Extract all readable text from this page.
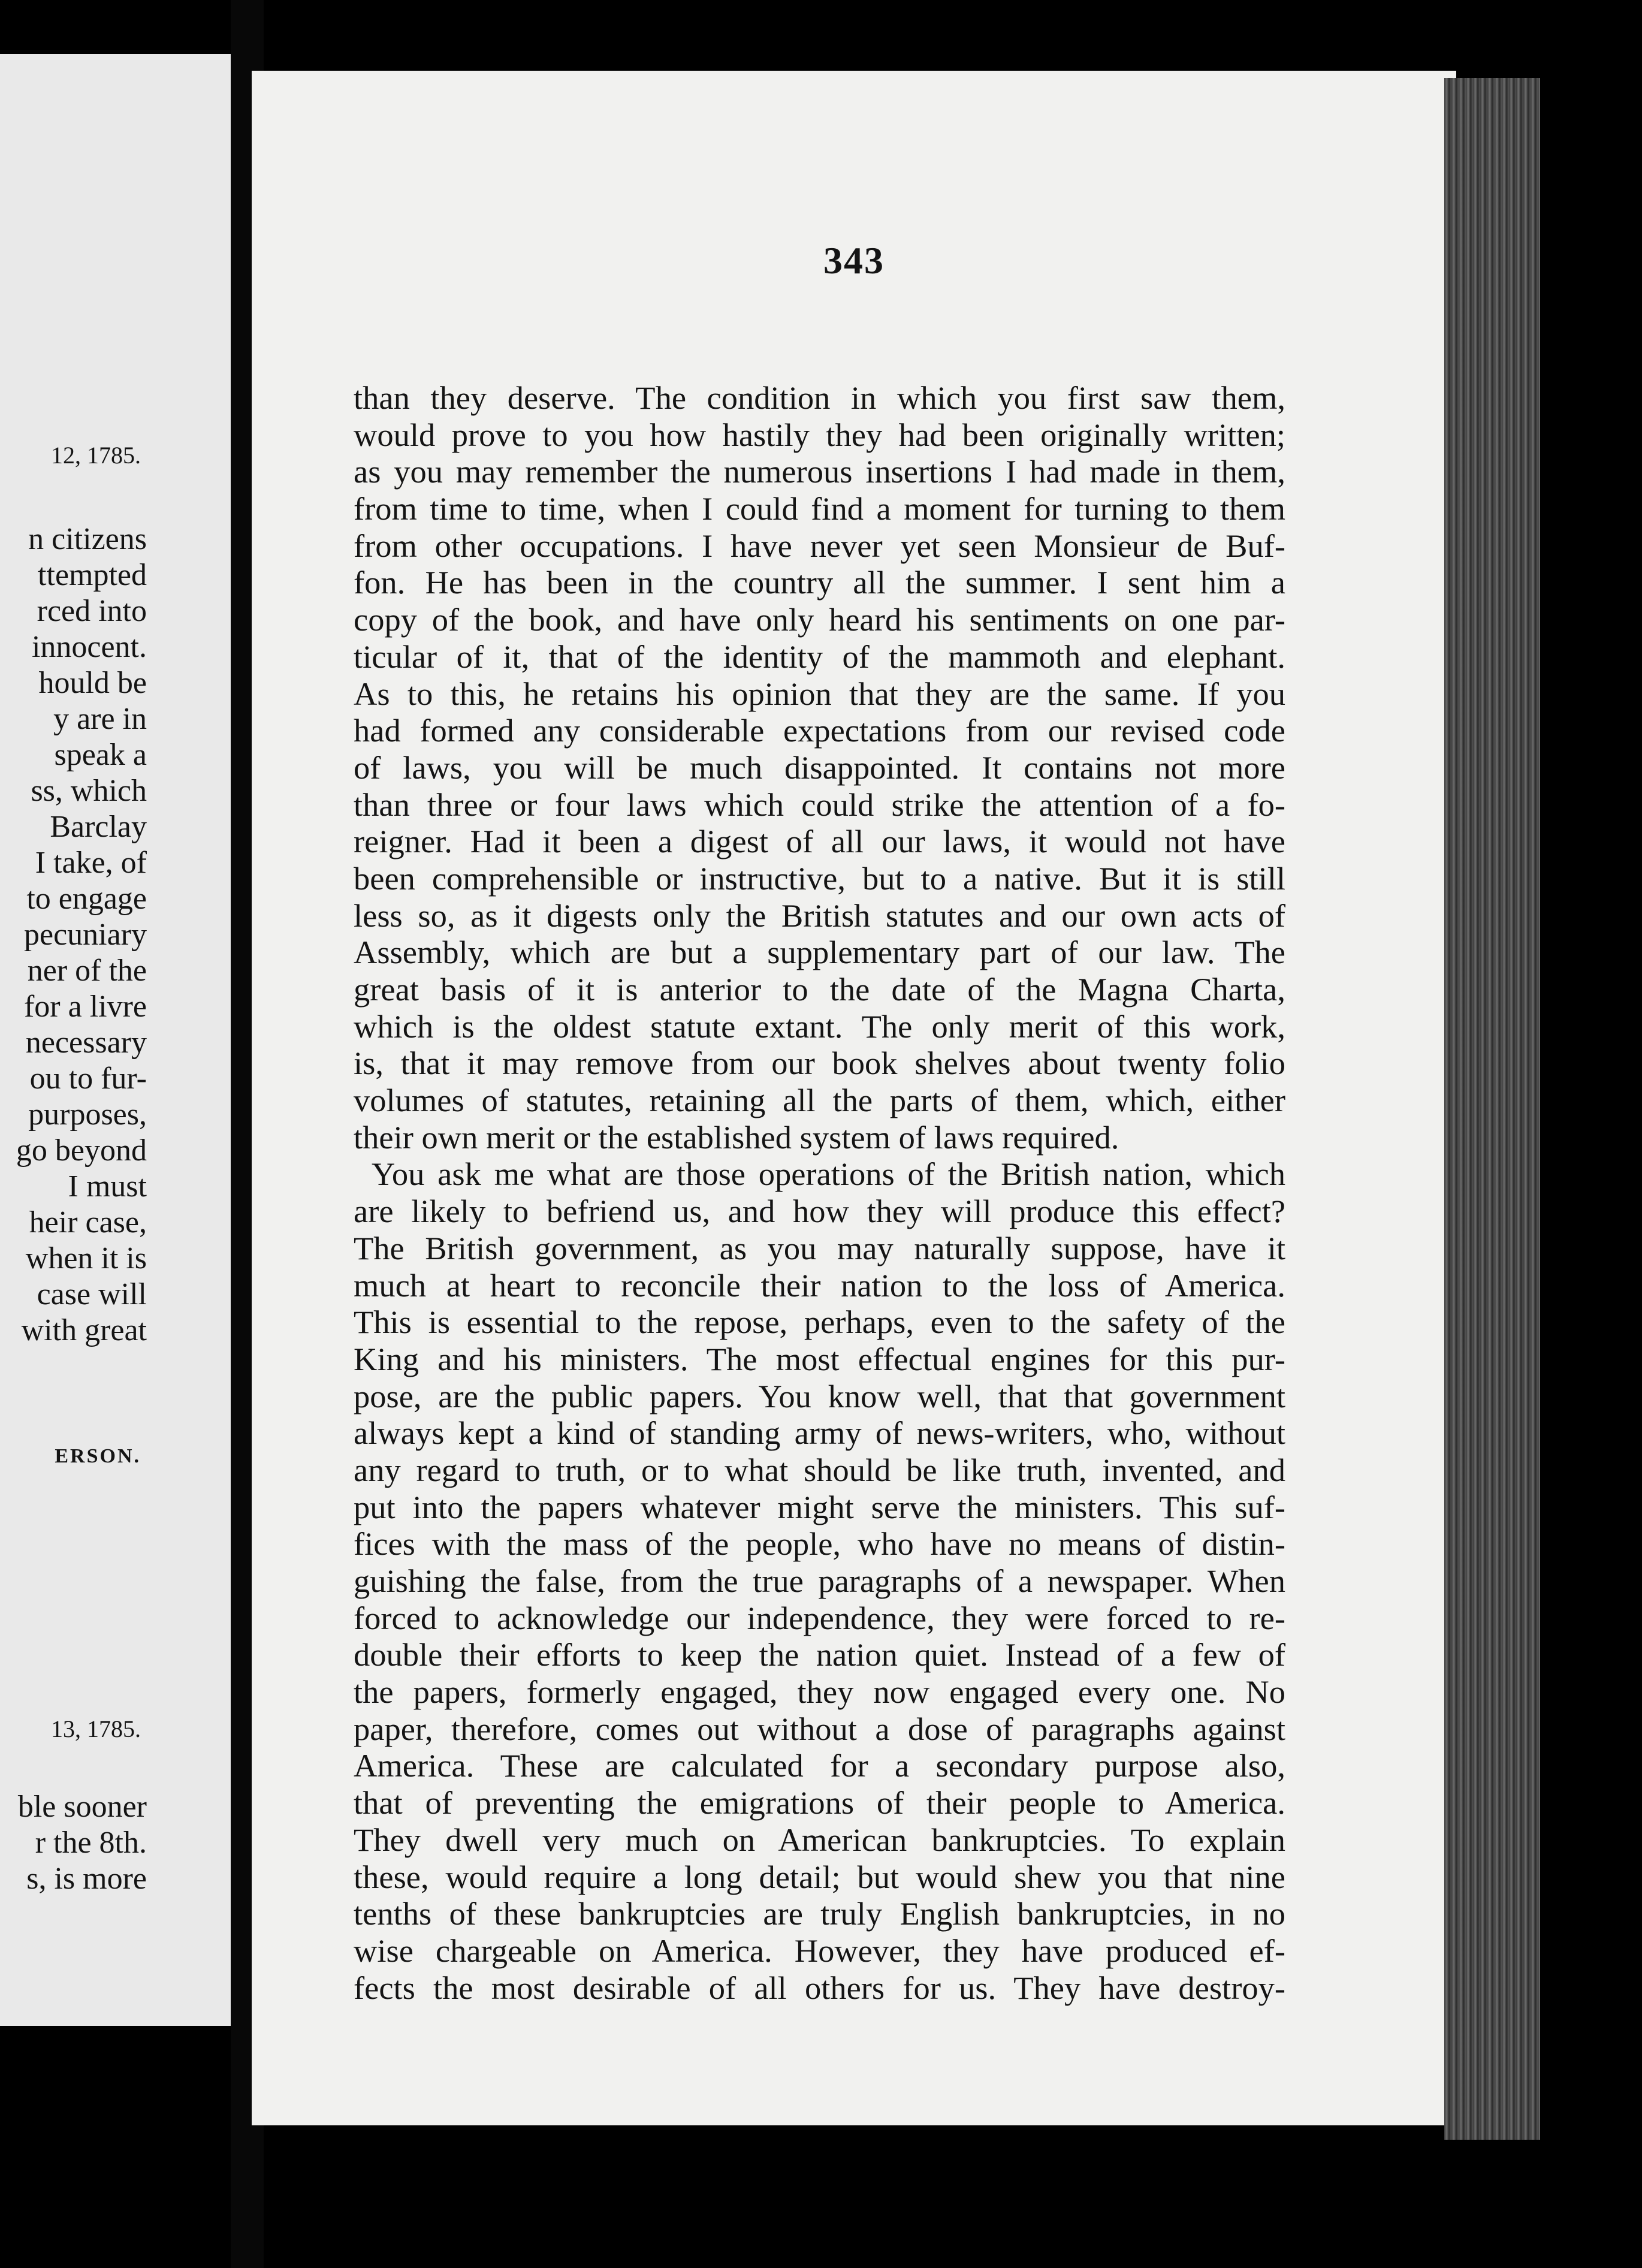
12, 1785.
n citizens
ttempted
rced into
innocent.
hould be
y are in
speak a
ss, which
Barclay
I take, of
to engage
pecuniary
ner of the
for a livre
necessary
ou to fur-
purposes,
go beyond
I must
heir case,
when it is
case will
with great
ERSON.
13, 1785.
ble sooner
r the 8th.
s, is more
343
than they deserve. The condition in which you first saw them,
would prove to you how hastily they had been originally written;
as you may remember the numerous insertions I had made in them,
from time to time, when I could find a moment for turning to them
from other occupations. I have never yet seen Monsieur de Buf-
fon. He has been in the country all the summer. I sent him a
copy of the book, and have only heard his sentiments on one par-
ticular of it, that of the identity of the mammoth and elephant.
As to this, he retains his opinion that they are the same. If you
had formed any considerable expectations from our revised code
of laws, you will be much disappointed. It contains not more
than three or four laws which could strike the attention of a fo-
reigner. Had it been a digest of all our laws, it would not have
been comprehensible or instructive, but to a native. But it is still
less so, as it digests only the British statutes and our own acts of
Assembly, which are but a supplementary part of our law. The
great basis of it is anterior to the date of the Magna Charta,
which is the oldest statute extant. The only merit of this work,
is, that it may remove from our book shelves about twenty folio
volumes of statutes, retaining all the parts of them, which, either
their own merit or the established system of laws required.
You ask me what are those operations of the British nation, which
are likely to befriend us, and how they will produce this effect?
The British government, as you may naturally suppose, have it
much at heart to reconcile their nation to the loss of America.
This is essential to the repose, perhaps, even to the safety of the
King and his ministers. The most effectual engines for this pur-
pose, are the public papers. You know well, that that government
always kept a kind of standing army of news-writers, who, without
any regard to truth, or to what should be like truth, invented, and
put into the papers whatever might serve the ministers. This suf-
fices with the mass of the people, who have no means of distin-
guishing the false, from the true paragraphs of a newspaper. When
forced to acknowledge our independence, they were forced to re-
double their efforts to keep the nation quiet. Instead of a few of
the papers, formerly engaged, they now engaged every one. No
paper, therefore, comes out without a dose of paragraphs against
America. These are calculated for a secondary purpose also,
that of preventing the emigrations of their people to America.
They dwell very much on American bankruptcies. To explain
these, would require a long detail; but would shew you that nine
tenths of these bankruptcies are truly English bankruptcies, in no
wise chargeable on America. However, they have produced ef-
fects the most desirable of all others for us. They have destroy-
